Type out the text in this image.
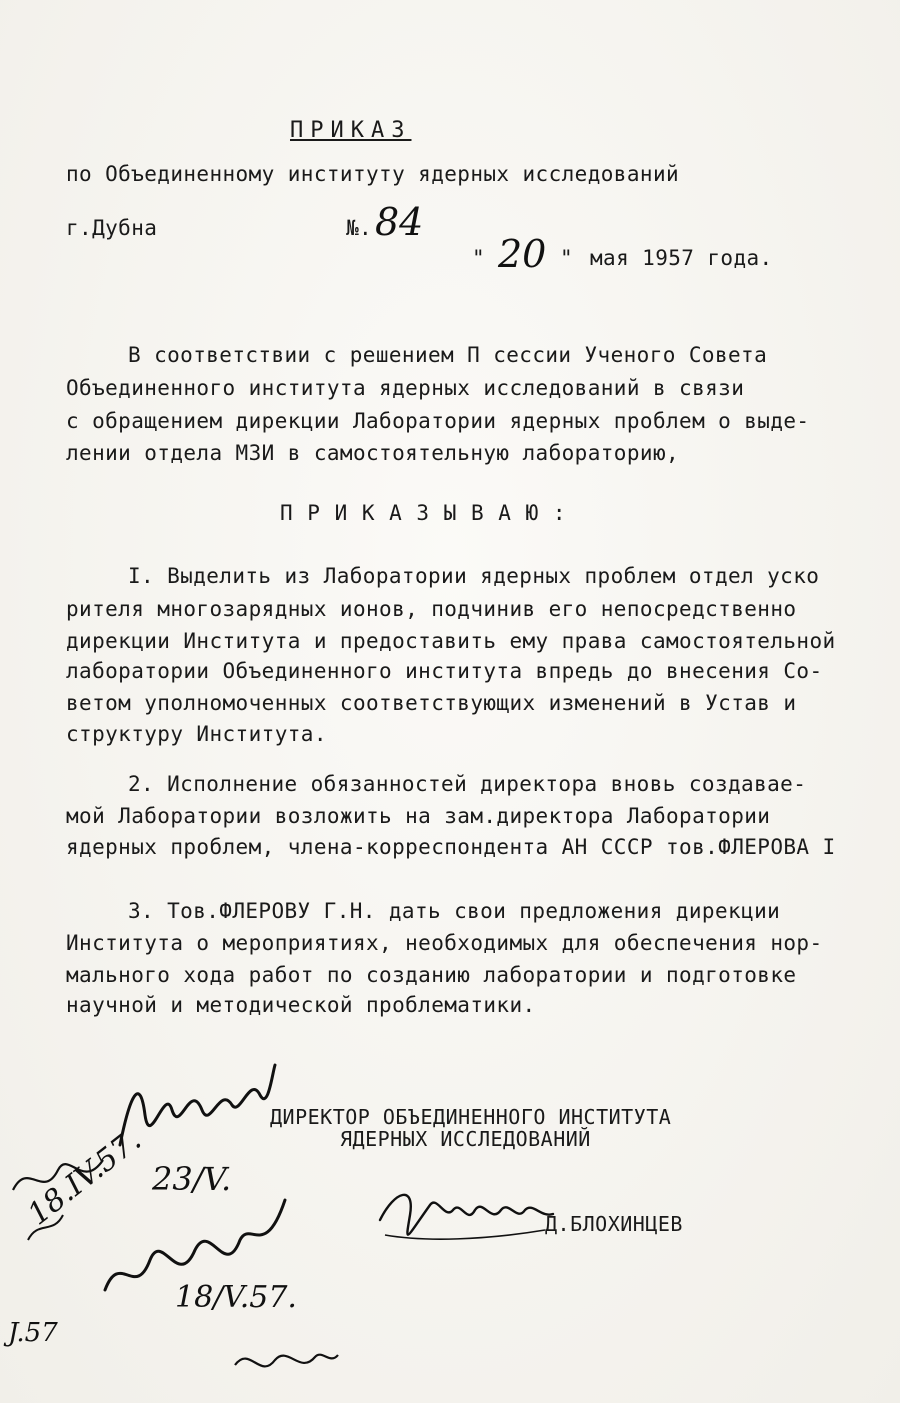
ПРИКАЗ
по Объединенному институту ядерных исследований
г.Дубна	№. 84
" 20 " мая 1957 года.
В соответствии с решением П сессии Ученого Совета
Объединенного института ядерных исследований в связи
с обращением дирекции Лаборатории ядерных проблем о выде-
лении отдела МЗИ в самостоятельную лабораторию,
П Р И К А З Ы В А Ю :
I. Выделить из Лаборатории ядерных проблем отдел уско
рителя многозарядных ионов, подчинив его непосредственно
дирекции Института и предоставить ему права самостоятельной
лаборатории Объединенного института впредь до внесения Со-
ветом уполномоченных соответствующих изменений в Устав и
структуру Института.
2. Исполнение обязанностей директора вновь создавае-
мой Лаборатории возложить на зам.директора Лаборатории
ядерных проблем, члена-корреспондента АН СССР тов.ФЛЕРОВА I
3. Тов.ФЛЕРОВУ Г.Н. дать свои предложения дирекции
Института о мероприятиях, необходимых для обеспечения нор-
мального хода работ по созданию лаборатории и подготовке
научной и методической проблематики.
ДИРЕКТОР ОБЪЕДИНЕННОГО ИНСТИТУТА
ЯДЕРНЫХ ИССЛЕДОВАНИЙ
Д.БЛОХИНЦЕВ
18.IV.57. 23/V.
18/V.57.
J.57
